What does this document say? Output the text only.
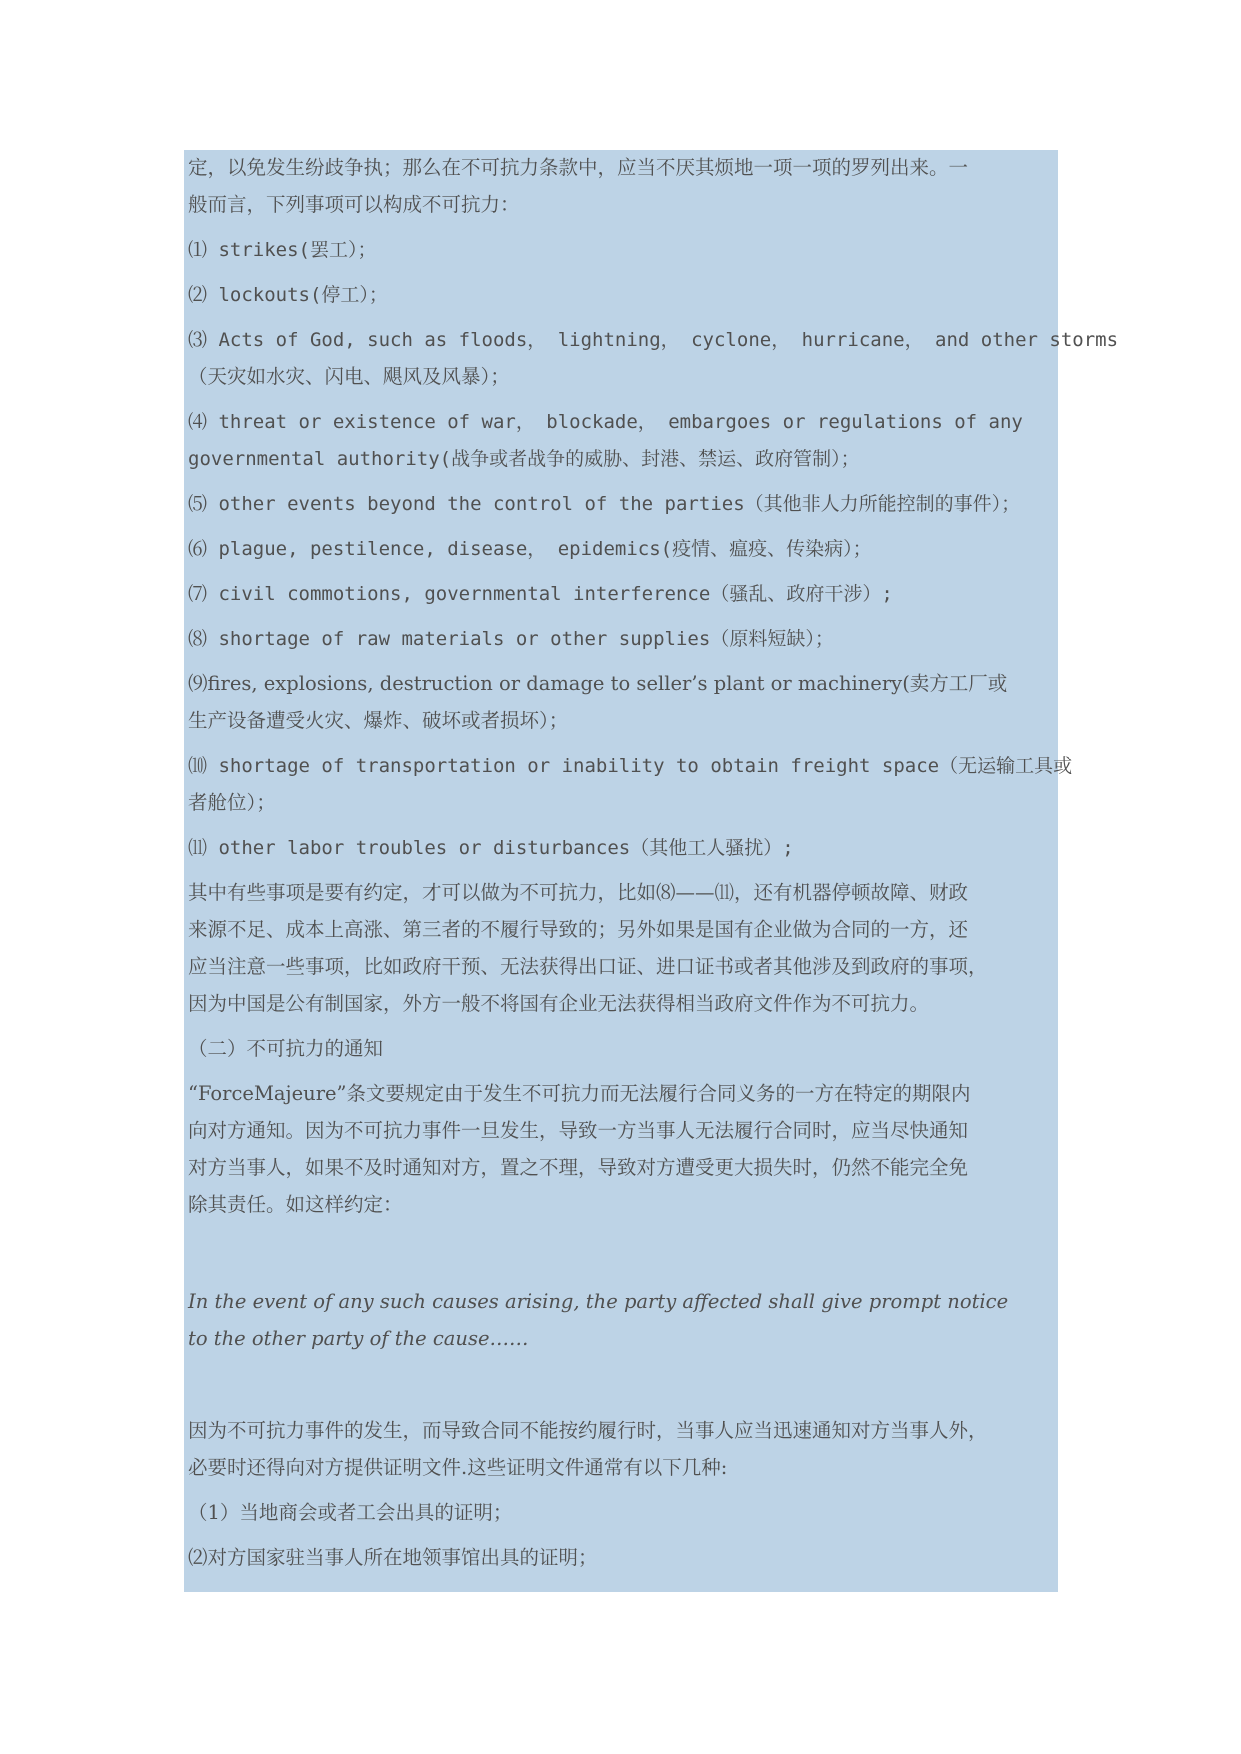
定，以免发生纷歧争执；那么在不可抗力条款中，应当不厌其烦地一项一项的罗列出来。一
般而言，下列事项可以构成不可抗力：
⑴ strikes(罢工）；
⑵ lockouts(停工）；
⑶ Acts of God, such as floods， lightning， cyclone， hurricane， and other storms
（天灾如水灾、闪电、飓风及风暴）；
⑷ threat or existence of war， blockade， embargoes or regulations of any
governmental authority(战争或者战争的威胁、封港、禁运、政府管制）；
⑸ other events beyond the control of the parties（其他非人力所能控制的事件）；
⑹ plague, pestilence, disease， epidemics(疫情、瘟疫、传染病）；
⑺ civil commotions, governmental interference（骚乱、政府干涉）;
⑻ shortage of raw materials or other supplies（原料短缺）；
⑼fires, explosions, destruction or damage to seller’s plant or machinery(卖方工厂或
生产设备遭受火灾、爆炸、破坏或者损坏）；
⑽ shortage of transportation or inability to obtain freight space（无运输工具或
者舱位）；
⑾ other labor troubles or disturbances（其他工人骚扰）;
其中有些事项是要有约定，才可以做为不可抗力，比如⑻——⑾，还有机器停顿故障、财政
来源不足、成本上高涨、第三者的不履行导致的；另外如果是国有企业做为合同的一方，还
应当注意一些事项，比如政府干预、无法获得出口证、进口证书或者其他涉及到政府的事项，
因为中国是公有制国家，外方一般不将国有企业无法获得相当政府文件作为不可抗力。
（二）不可抗力的通知
“ForceMajeure”条文要规定由于发生不可抗力而无法履行合同义务的一方在特定的期限内
向对方通知。因为不可抗力事件一旦发生，导致一方当事人无法履行合同时，应当尽快通知
对方当事人，如果不及时通知对方，置之不理，导致对方遭受更大损失时，仍然不能完全免
除其责任。如这样约定：
In the event of any such causes arising, the party affected shall give prompt notice
to the other party of the cause……
因为不可抗力事件的发生，而导致合同不能按约履行时，当事人应当迅速通知对方当事人外，
必要时还得向对方提供证明文件.这些证明文件通常有以下几种:
（1）当地商会或者工会出具的证明；
⑵对方国家驻当事人所在地领事馆出具的证明；
